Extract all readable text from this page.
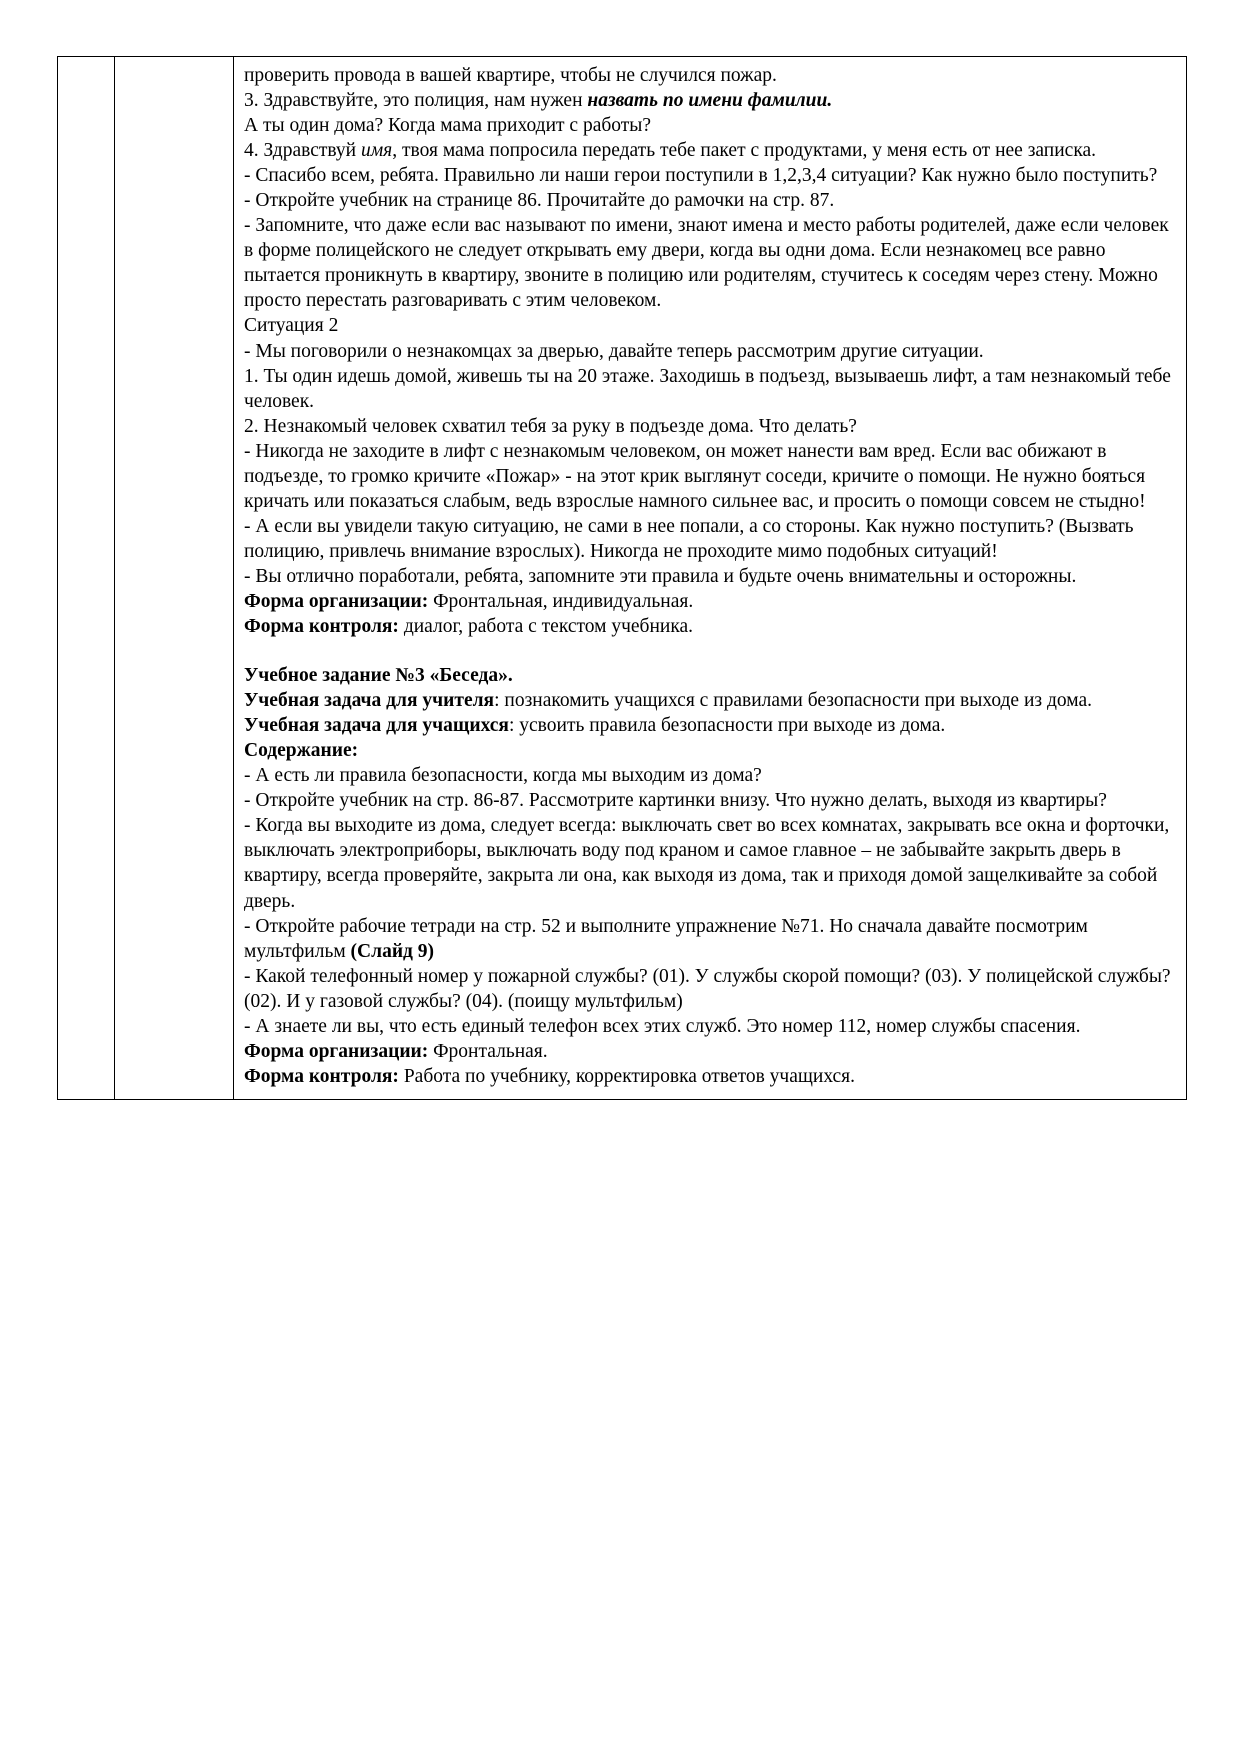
проверить провода в вашей квартире, чтобы не случился пожар.

3. Здравствуйте, это полиция, нам нужен назвать по имени фамилии.

А ты один дома? Когда мама приходит с работы?

4. Здравствуй имя, твоя мама попросила передать тебе пакет с продуктами, у меня есть от нее записка.

- Спасибо всем, ребята. Правильно ли наши герои поступили в 1,2,3,4 ситуации? Как нужно было поступить?

- Откройте учебник на странице 86. Прочитайте до рамочки на стр. 87.

- Запомните, что даже если вас называют по имени, знают имена и место работы родителей, даже если человек в форме полицейского не следует открывать ему двери, когда вы одни дома. Если незнакомец все равно пытается проникнуть в квартиру, звоните в полицию или родителям, стучитесь к соседям через стену. Можно просто перестать разговаривать с этим человеком.

Ситуация 2

- Мы поговорили о незнакомцах за дверью, давайте теперь рассмотрим другие ситуации.

1. Ты один идешь домой, живешь ты на 20 этаже. Заходишь в подъезд, вызываешь лифт, а там незнакомый тебе человек.

2. Незнакомый человек схватил тебя за руку в подъезде дома. Что делать?

- Никогда не заходите в лифт с незнакомым человеком, он может нанести вам вред. Если вас обижают в подъезде, то громко кричите «Пожар» - на этот крик выглянут соседи, кричите о помощи. Не нужно бояться кричать или показаться слабым, ведь взрослые намного сильнее вас, и просить о помощи совсем не стыдно!

- А если вы увидели такую ситуацию, не сами в нее попали, а со стороны. Как нужно поступить? (Вызвать полицию, привлечь внимание взрослых). Никогда не проходите мимо подобных ситуаций!

- Вы отлично поработали, ребята, запомните эти правила и будьте очень внимательны и осторожны.

Форма организации: Фронтальная, индивидуальная.

Форма контроля: диалог, работа с текстом учебника.

Учебное задание №3 «Беседа».

Учебная задача для учителя: познакомить учащихся с правилами безопасности при выходе из дома.

Учебная задача для учащихся: усвоить правила безопасности при выходе из дома.

Содержание:

- А есть ли правила безопасности, когда мы выходим из дома?

- Откройте учебник на стр. 86-87. Рассмотрите картинки внизу. Что нужно делать, выходя из квартиры?

- Когда вы выходите из дома, следует всегда: выключать свет во всех комнатах, закрывать все окна и форточки, выключать электроприборы, выключать воду под краном и самое главное – не забывайте закрыть дверь в квартиру, всегда проверяйте, закрыта ли она, как выходя из дома, так и приходя домой защелкивайте за собой дверь.

- Откройте рабочие тетради на стр. 52 и выполните упражнение №71. Но сначала давайте посмотрим мультфильм (Слайд 9)

- Какой телефонный номер у пожарной службы? (01). У службы скорой помощи? (03). У полицейской службы? (02). И у газовой службы? (04). (поищу мультфильм)

- А знаете ли вы, что есть единый телефон всех этих служб. Это номер 112, номер службы спасения.

Форма организации: Фронтальная.

Форма контроля: Работа по учебнику, корректировка ответов учащихся.
